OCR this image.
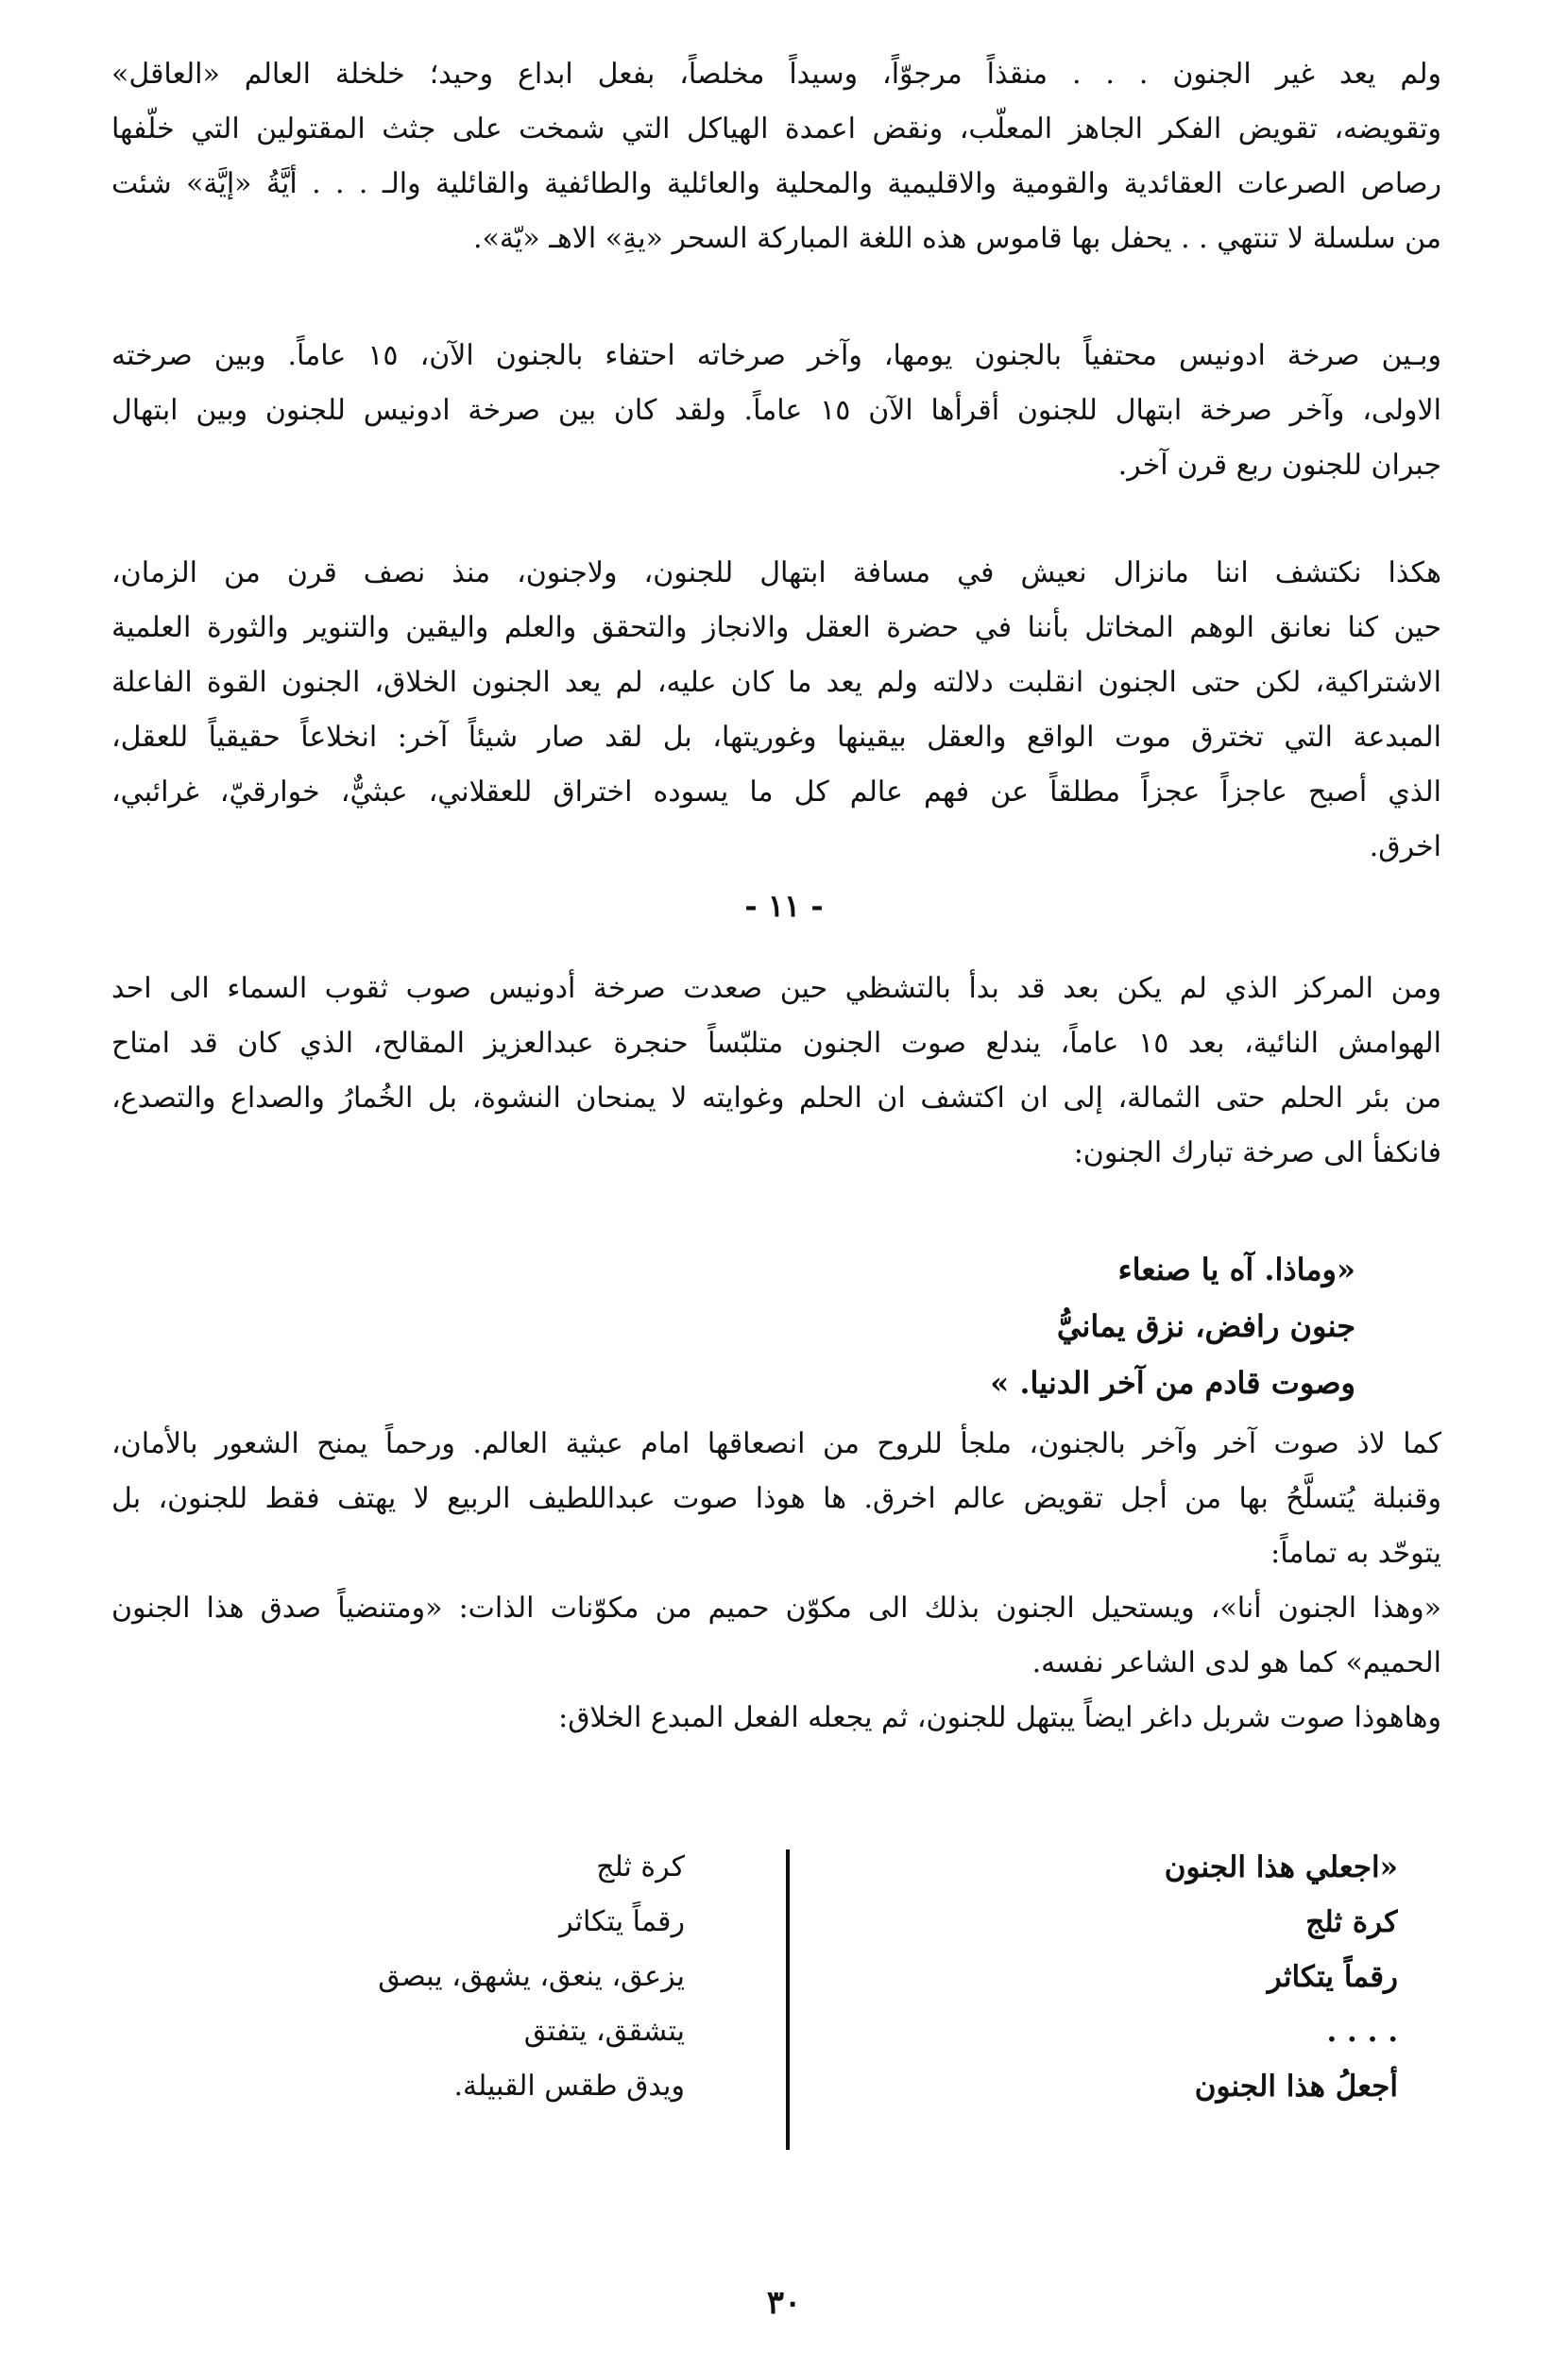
ولم يعد غير الجنون . . . منقذاً مرجوّاً، وسيداً مخلصاً، بفعل ابداع وحيد؛ خلخلة العالم «العاقل»
وتقويضه، تقويض الفكر الجاهز المعلّب، ونقض اعمدة الهياكل التي شمخت على جثث المقتولين التي خلّفها
رصاص الصرعات العقائدية والقومية والاقليمية والمحلية والعائلية والطائفية والقائلية والـ . . . أيَّةُ «إيَّة» شئت
من سلسلة لا تنتهي . . يحفل بها قاموس هذه اللغة المباركة السحر «يةِ» الاهـ «يّة».
وبـين صرخة ادونيس محتفياً بالجنون يومها، وآخر صرخاته احتفاء بالجنون الآن، ١٥ عاماً. وبين صرخته
الاولى، وآخر صرخة ابتهال للجنون أقرأها الآن ١٥ عاماً. ولقد كان بين صرخة ادونيس للجنون وبين ابتهال
جبران للجنون ربع قرن آخر.
هكذا نكتشف اننا مانزال نعيش في مسافة ابتهال للجنون، ولاجنون، منذ نصف قرن من الزمان،
حين كنا نعانق الوهم المخاتل بأننا في حضرة العقل والانجاز والتحقق والعلم واليقين والتنوير والثورة العلمية
الاشتراكية، لكن حتى الجنون انقلبت دلالته ولم يعد ما كان عليه، لم يعد الجنون الخلاق، الجنون القوة الفاعلة
المبدعة التي تخترق موت الواقع والعقل بيقينها وغوريتها، بل لقد صار شيئاً آخر: انخلاعاً حقيقياً للعقل،
الذي أصبح عاجزاً عجزاً مطلقاً عن فهم عالم كل ما يسوده اختراق للعقلاني، عبثيٌّ، خوارقيّ، غرائبي،
اخرق.
- ١١ -
ومن المركز الذي لم يكن بعد قد بدأ بالتشظي حين صعدت صرخة أدونيس صوب ثقوب السماء الى احد
الهوامش النائية، بعد ١٥ عاماً، يندلع صوت الجنون متلبّساً حنجرة عبدالعزيز المقالح، الذي كان قد امتاح
من بئر الحلم حتى الثمالة، إلى ان اكتشف ان الحلم وغوايته لا يمنحان النشوة، بل الخُمارُ والصداع والتصدع،
فانكفأ الى صرخة تبارك الجنون:
«وماذا. آه يا صنعاء
جنون رافض، نزق يمانيُّ
وصوت قادم من آخر الدنيا. »
كما لاذ صوت آخر وآخر بالجنون، ملجأ للروح من انصعاقها امام عبثية العالم. ورحماً يمنح الشعور بالأمان،
وقنبلة يُتسلَّحُ بها من أجل تقويض عالم اخرق. ها هوذا صوت عبداللطيف الربيع لا يهتف فقط للجنون، بل
يتوحّد به تماماً:
«وهذا الجنون أنا»، ويستحيل الجنون بذلك الى مكوّن حميم من مكوّنات الذات: «ومتنضياً صدق هذا الجنون
الحميم» كما هو لدى الشاعر نفسه.
وهاهوذا صوت شربل داغر ايضاً يبتهل للجنون، ثم يجعله الفعل المبدع الخلاق:
«اجعلي هذا الجنون
كرة ثلج
رقماً يتكاثر
. . . .
أجعلُ هذا الجنون
كرة ثلج
رقماً يتكاثر
يزعق، ينعق، يشهق، يبصق
يتشقق، يتفتق
ويدق طقس القبيلة.
٣٠
